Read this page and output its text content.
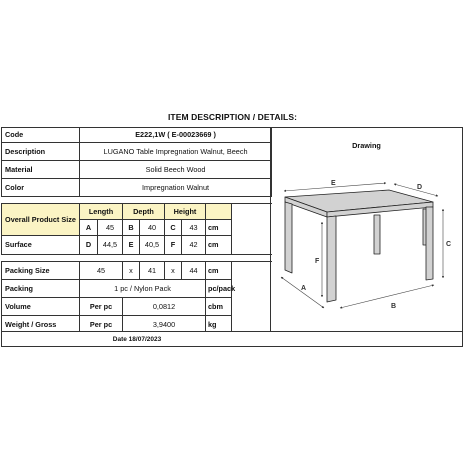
ITEM DESCRIPTION / DETAILS:
Code	E222,1W ( E-00023669 )							
Description	LUGANO Table Impregnation Walnut, Beech							
Material	Solid Beech Wood							
Color	Impregnation Walnut							

Overall Product Size	Length		Depth		Height			
	A	45	B	40	C	43	cm	
Surface	D	44,5	E	40,5	F	42	cm	

Packing Size	45		x	41	x	44	cm	
Packing	1 pc / Nylon Pack						pc/pack	
Volume	Per pc		0,0812				cbm	
Weight / Gross	Per pc		3,9400				kg	
Drawing
E
D
C
F
A
B
Date 18/07/2023
